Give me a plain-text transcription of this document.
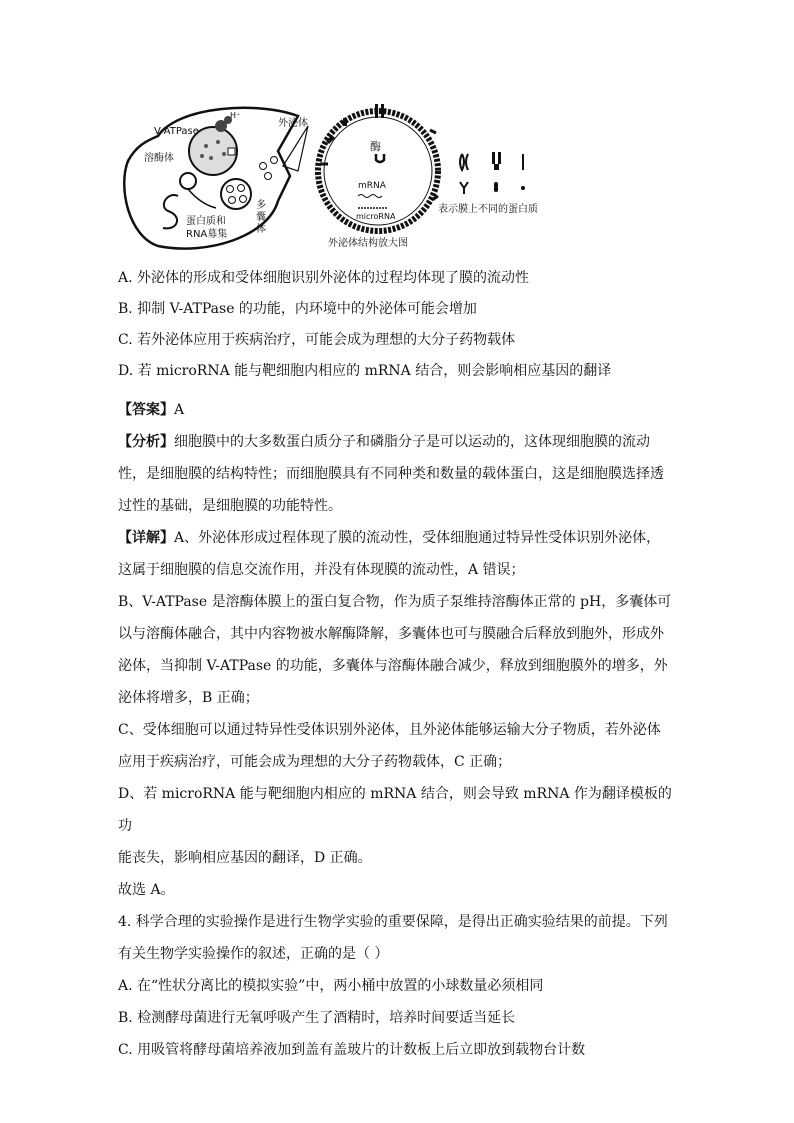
V-ATPase
H⁺
溶酶体
外泌体
多
囊
体
蛋白质和
RNA募集
酶
mRNA
microRNA
外泌体结构放大图
表示膜上不同的蛋白质

A. 外泌体的形成和受体细胞识别外泌体的过程均体现了膜的流动性

B. 抑制 V-ATPase 的功能，内环境中的外泌体可能会增加

C. 若外泌体应用于疾病治疗，可能会成为理想的大分子药物载体

D. 若 microRNA 能与靶细胞内相应的 mRNA 结合，则会影响相应基因的翻译

【答案】A

【分析】细胞膜中的大多数蛋白质分子和磷脂分子是可以运动的，这体现细胞膜的流动

性，是细胞膜的结构特性；而细胞膜具有不同种类和数量的载体蛋白，这是细胞膜选择透

过性的基础，是细胞膜的功能特性。

【详解】A、外泌体形成过程体现了膜的流动性，受体细胞通过特异性受体识别外泌体，

这属于细胞膜的信息交流作用，并没有体现膜的流动性，A 错误；

B、V-ATPase 是溶酶体膜上的蛋白复合物，作为质子泵维持溶酶体正常的 pH，多囊体可

以与溶酶体融合，其中内容物被水解酶降解，多囊体也可与膜融合后释放到胞外，形成外

泌体，当抑制 V-ATPase 的功能，多囊体与溶酶体融合减少，释放到细胞膜外的增多，外

泌体将增多，B 正确；

C、受体细胞可以通过特异性受体识别外泌体，且外泌体能够运输大分子物质，若外泌体

应用于疾病治疗，可能会成为理想的大分子药物载体，C 正确；

D、若 microRNA 能与靶细胞内相应的 mRNA 结合，则会导致 mRNA 作为翻译模板的功

能丧失，影响相应基因的翻译，D 正确。

故选 A。

4. 科学合理的实验操作是进行生物学实验的重要保障，是得出正确实验结果的前提。下列

有关生物学实验操作的叙述，正确的是（ ）

A. 在“性状分离比的模拟实验”中，两小桶中放置的小球数量必须相同

B. 检测酵母菌进行无氧呼吸产生了酒精时，培养时间要适当延长

C. 用吸管将酵母菌培养液加到盖有盖玻片的计数板上后立即放到载物台计数
